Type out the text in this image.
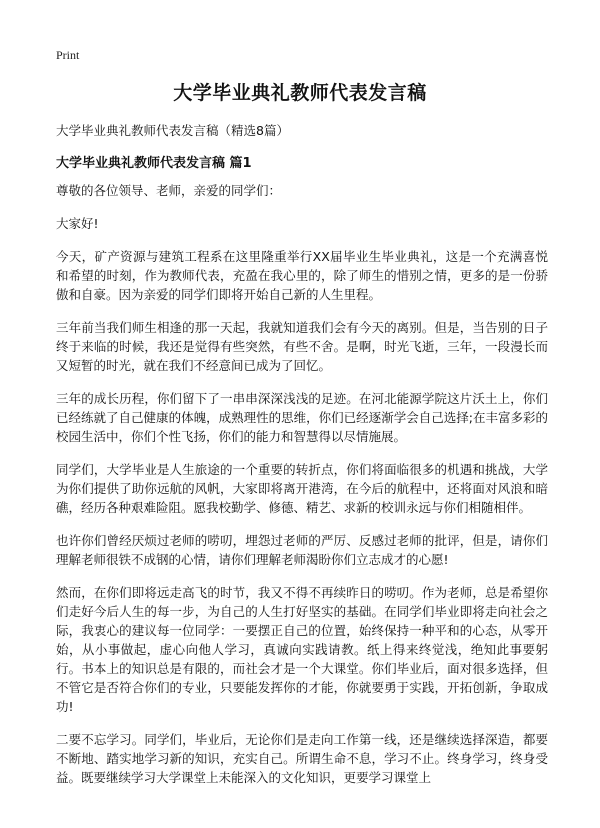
Print
大学毕业典礼教师代表发言稿
大学毕业典礼教师代表发言稿（精选8篇）
大学毕业典礼教师代表发言稿 篇1

尊敬的各位领导、老师，亲爱的同学们：

大家好!

今天，矿产资源与建筑工程系在这里隆重举行XX届毕业生毕业典礼，这是一个充满喜悦和希望的时刻，作为教师代表，充盈在我心里的，除了师生的惜别之情，更多的是一份骄傲和自豪。因为亲爱的同学们即将开始自己新的人生里程。

三年前当我们师生相逢的那一天起，我就知道我们会有今天的离别。但是，当告别的日子终于来临的时候，我还是觉得有些突然，有些不舍。是啊，时光飞逝，三年，一段漫长而又短暂的时光，就在我们不经意间已成为了回忆。

三年的成长历程，你们留下了一串串深深浅浅的足迹。在河北能源学院这片沃土上，你们已经练就了自己健康的体魄，成熟理性的思维，你们已经逐渐学会自己选择;在丰富多彩的校园生活中，你们个性飞扬，你们的能力和智慧得以尽情施展。

同学们，大学毕业是人生旅途的一个重要的转折点，你们将面临很多的机遇和挑战，大学为你们提供了助你远航的风帆，大家即将离开港湾，在今后的航程中，还将面对风浪和暗礁，经历各种艰难险阻。愿我校勤学、修德、精艺、求新的校训永远与你们相随相伴。

也许你们曾经厌烦过老师的唠叨，埋怨过老师的严厉、反感过老师的批评，但是，请你们理解老师很铁不成钢的心情，请你们理解老师渴盼你们立志成才的心愿!

然而，在你们即将远走高飞的时节，我又不得不再续昨日的唠叨。作为老师，总是希望你们走好今后人生的每一步，为自己的人生打好坚实的基础。在同学们毕业即将走向社会之际，我衷心的建议每一位同学：一要摆正自己的位置，始终保持一种平和的心态，从零开始，从小事做起，虚心向他人学习，真诚向实践请教。纸上得来终觉浅，绝知此事要躬行。书本上的知识总是有限的，而社会才是一个大课堂。你们毕业后，面对很多选择，但不管它是否符合你们的专业，只要能发挥你的才能，你就要勇于实践，开拓创新，争取成功!

二要不忘学习。同学们，毕业后，无论你们是走向工作第一线，还是继续选择深造，都要不断地、踏实地学习新的知识，充实自己。所谓生命不息，学习不止。终身学习，终身受益。既要继续学习大学课堂上未能深入的文化知识，更要学习课堂上
